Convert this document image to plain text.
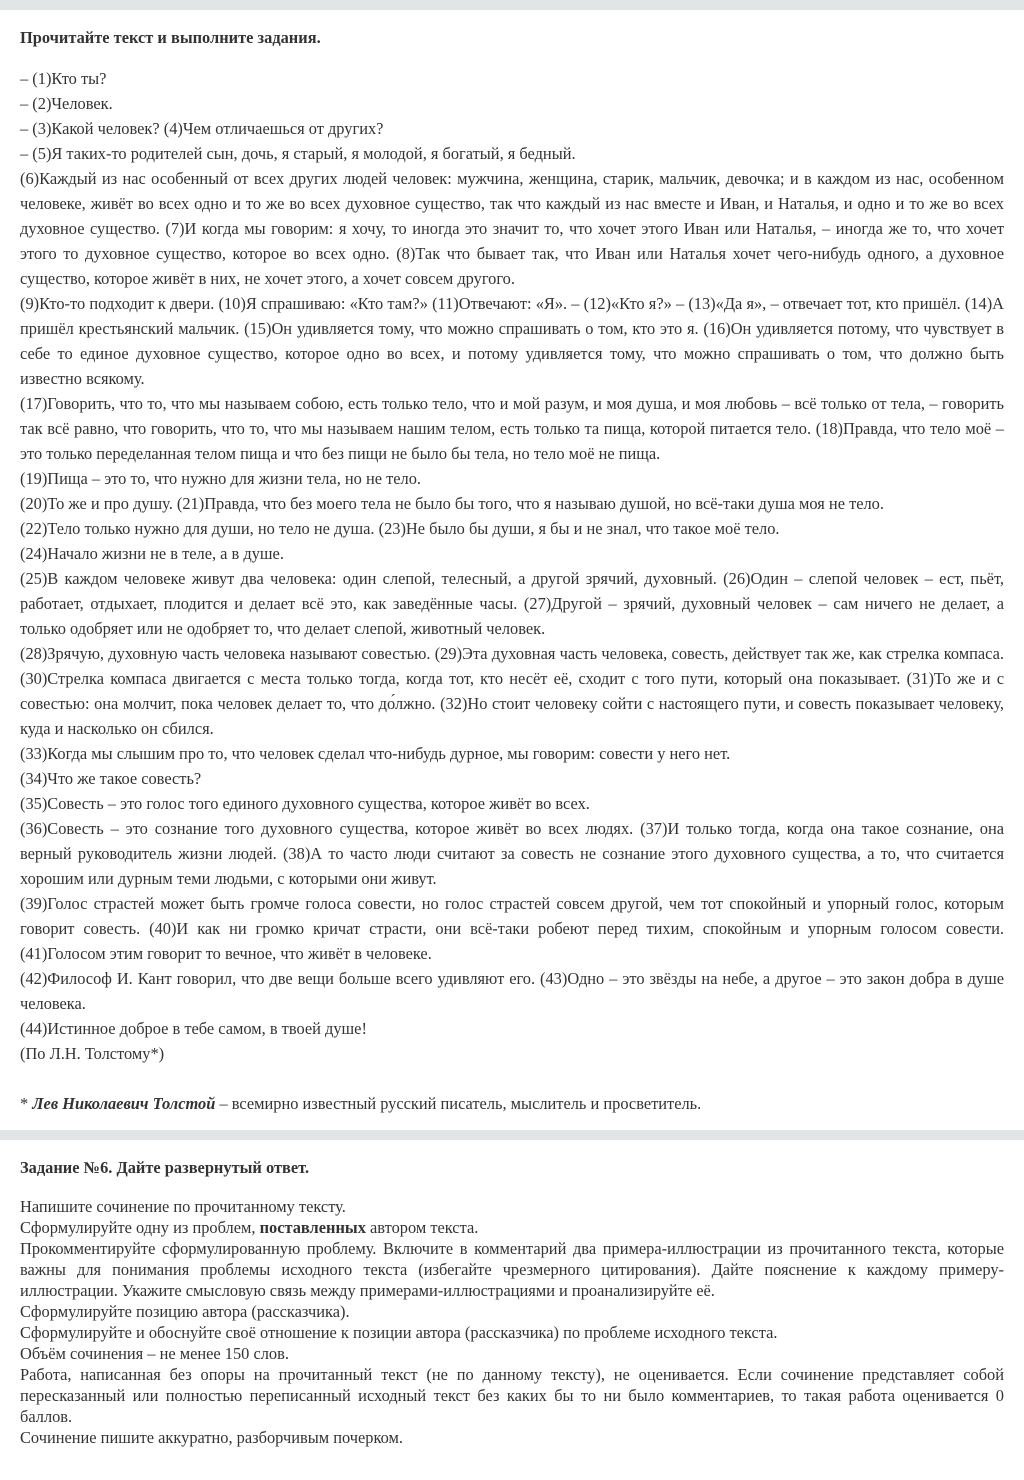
Прочитайте текст и выполните задания.

– (1)Кто ты?

– (2)Человек.

– (3)Какой человек? (4)Чем отличаешься от других?

– (5)Я таких-то родителей сын, дочь, я старый, я молодой, я богатый, я бедный.

(6)Каждый из нас особенный от всех других людей человек: мужчина, женщина, старик, мальчик, девочка; и в каждом из нас, особенном человеке, живёт во всех одно и то же во всех духовное существо, так что каждый из нас вместе и Иван, и Наталья, и одно и то же во всех духовное существо. (7)И когда мы говорим: я хочу, то иногда это значит то, что хочет этого Иван или Наталья, – иногда же то, что хочет этого то духовное существо, которое во всех одно. (8)Так что бывает так, что Иван или Наталья хочет чего-нибудь одного, а духовное существо, которое живёт в них, не хочет этого, а хочет совсем другого.

(9)Кто-то подходит к двери. (10)Я спрашиваю: «Кто там?» (11)Отвечают: «Я». – (12)«Кто я?» – (13)«Да я», – отвечает тот, кто пришёл. (14)А пришёл крестьянский мальчик. (15)Он удивляется тому, что можно спрашивать о том, кто это я. (16)Он удивляется потому, что чувствует в себе то единое духовное существо, которое одно во всех, и потому удивляется тому, что можно спрашивать о том, что должно быть известно всякому.

(17)Говорить, что то, что мы называем собою, есть только тело, что и мой разум, и моя душа, и моя любовь – всё только от тела, – говорить так всё равно, что говорить, что то, что мы называем нашим телом, есть только та пища, которой питается тело. (18)Правда, что тело моё – это только переделанная телом пища и что без пищи не было бы тела, но тело моё не пища.

(19)Пища – это то, что нужно для жизни тела, но не тело.

(20)То же и про душу. (21)Правда, что без моего тела не было бы того, что я называю душой, но всё-таки душа моя не тело.

(22)Тело только нужно для души, но тело не душа. (23)Не было бы души, я бы и не знал, что такое моё тело.

(24)Начало жизни не в теле, а в душе.

(25)В каждом человеке живут два человека: один слепой, телесный, а другой зрячий, духовный. (26)Один – слепой человек – ест, пьёт, работает, отдыхает, плодится и делает всё это, как заведённые часы. (27)Другой – зрячий, духовный человек – сам ничего не делает, а только одобряет или не одобряет то, что делает слепой, животный человек.

(28)Зрячую, духовную часть человека называют совестью. (29)Эта духовная часть человека, совесть, действует так же, как стрелка компаса. (30)Стрелка компаса двигается с места только тогда, когда тот, кто несёт её, сходит с того пути, который она показывает. (31)То же и с совестью: она молчит, пока человек делает то, что до́лжно. (32)Но стоит человеку сойти с настоящего пути, и совесть показывает человеку, куда и насколько он сбился.

(33)Когда мы слышим про то, что человек сделал что-нибудь дурное, мы говорим: совести у него нет.

(34)Что же такое совесть?

(35)Совесть – это голос того единого духовного существа, которое живёт во всех.

(36)Совесть – это сознание того духовного существа, которое живёт во всех людях. (37)И только тогда, когда она такое сознание, она верный руководитель жизни людей. (38)А то часто люди считают за совесть не сознание этого духовного существа, а то, что считается хорошим или дурным теми людьми, с которыми они живут.

(39)Голос страстей может быть громче голоса совести, но голос страстей совсем другой, чем тот спокойный и упорный голос, которым говорит совесть. (40)И как ни громко кричат страсти, они всё-таки робеют перед тихим, спокойным и упорным голосом совести. (41)Голосом этим говорит то вечное, что живёт в человеке.

(42)Философ И. Кант говорил, что две вещи больше всего удивляют его. (43)Одно – это звёзды на небе, а другое – это закон добра в душе человека.

(44)Истинное доброе в тебе самом, в твоей душе!

(По Л.Н. Толстому*)

* Лев Николаевич Толстой – всемирно известный русский писатель, мыслитель и просветитель.
Задание №6. Дайте развернутый ответ.

Напишите сочинение по прочитанному тексту.

Сформулируйте одну из проблем, поставленных автором текста.

Прокомментируйте сформулированную проблему. Включите в комментарий два примера-иллюстрации из прочитанного текста, которые важны для понимания проблемы исходного текста (избегайте чрезмерного цитирования). Дайте пояснение к каждому примеру-иллюстрации. Укажите смысловую связь между примерами-иллюстрациями и проанализируйте её.

Сформулируйте позицию автора (рассказчика).

Сформулируйте и обоснуйте своё отношение к позиции автора (рассказчика) по проблеме исходного текста.

Объём сочинения – не менее 150 слов.

Работа, написанная без опоры на прочитанный текст (не по данному тексту), не оценивается. Если сочинение представляет собой пересказанный или полностью переписанный исходный текст без каких бы то ни было комментариев, то такая работа оценивается 0 баллов.

Сочинение пишите аккуратно, разборчивым почерком.
